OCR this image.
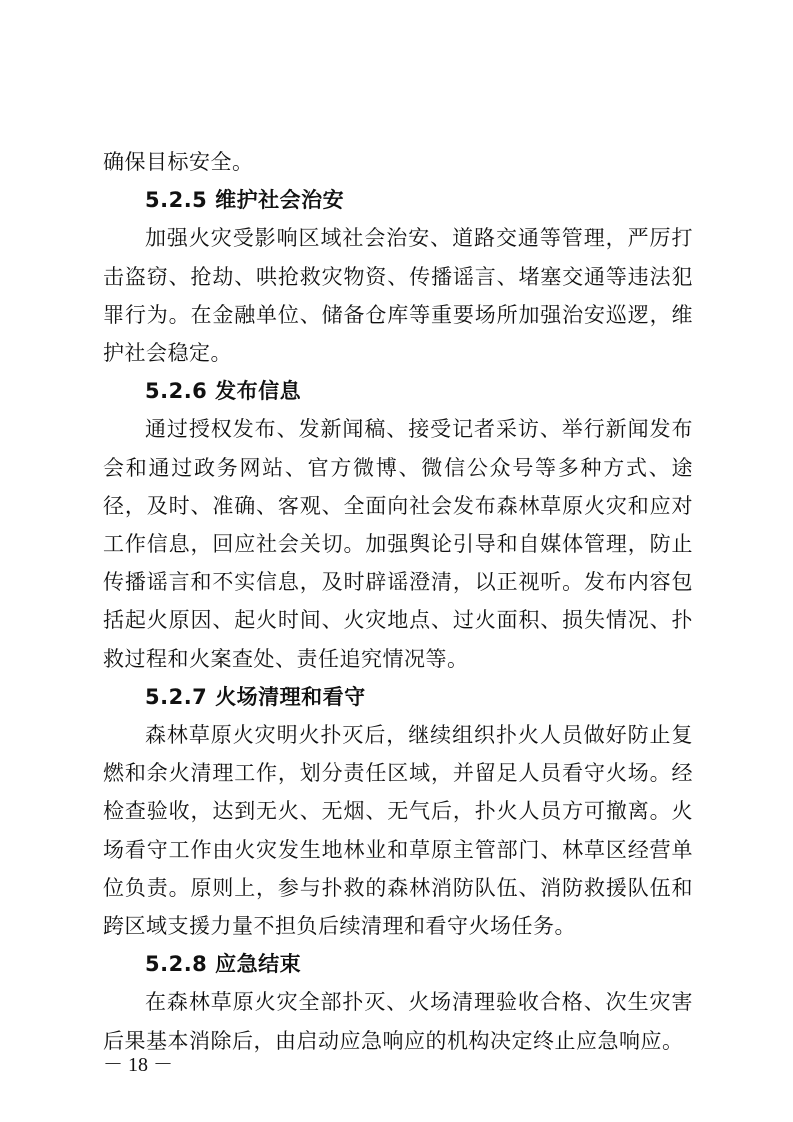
确保目标安全。

5.2.5 维护社会治安

加强火灾受影响区域社会治安、道路交通等管理，严厉打击盗窃、抢劫、哄抢救灾物资、传播谣言、堵塞交通等违法犯罪行为。在金融单位、储备仓库等重要场所加强治安巡逻，维护社会稳定。

5.2.6 发布信息

通过授权发布、发新闻稿、接受记者采访、举行新闻发布会和通过政务网站、官方微博、微信公众号等多种方式、途径，及时、准确、客观、全面向社会发布森林草原火灾和应对工作信息，回应社会关切。加强舆论引导和自媒体管理，防止传播谣言和不实信息，及时辟谣澄清，以正视听。发布内容包括起火原因、起火时间、火灾地点、过火面积、损失情况、扑救过程和火案查处、责任追究情况等。

5.2.7 火场清理和看守

森林草原火灾明火扑灭后，继续组织扑火人员做好防止复燃和余火清理工作，划分责任区域，并留足人员看守火场。经检查验收，达到无火、无烟、无气后，扑火人员方可撤离。火场看守工作由火灾发生地林业和草原主管部门、林草区经营单位负责。原则上，参与扑救的森林消防队伍、消防救援队伍和跨区域支援力量不担负后续清理和看守火场任务。

5.2.8 应急结束

在森林草原火灾全部扑灭、火场清理验收合格、次生灾害后果基本消除后，由启动应急响应的机构决定终止应急响应。

－ 18 －
